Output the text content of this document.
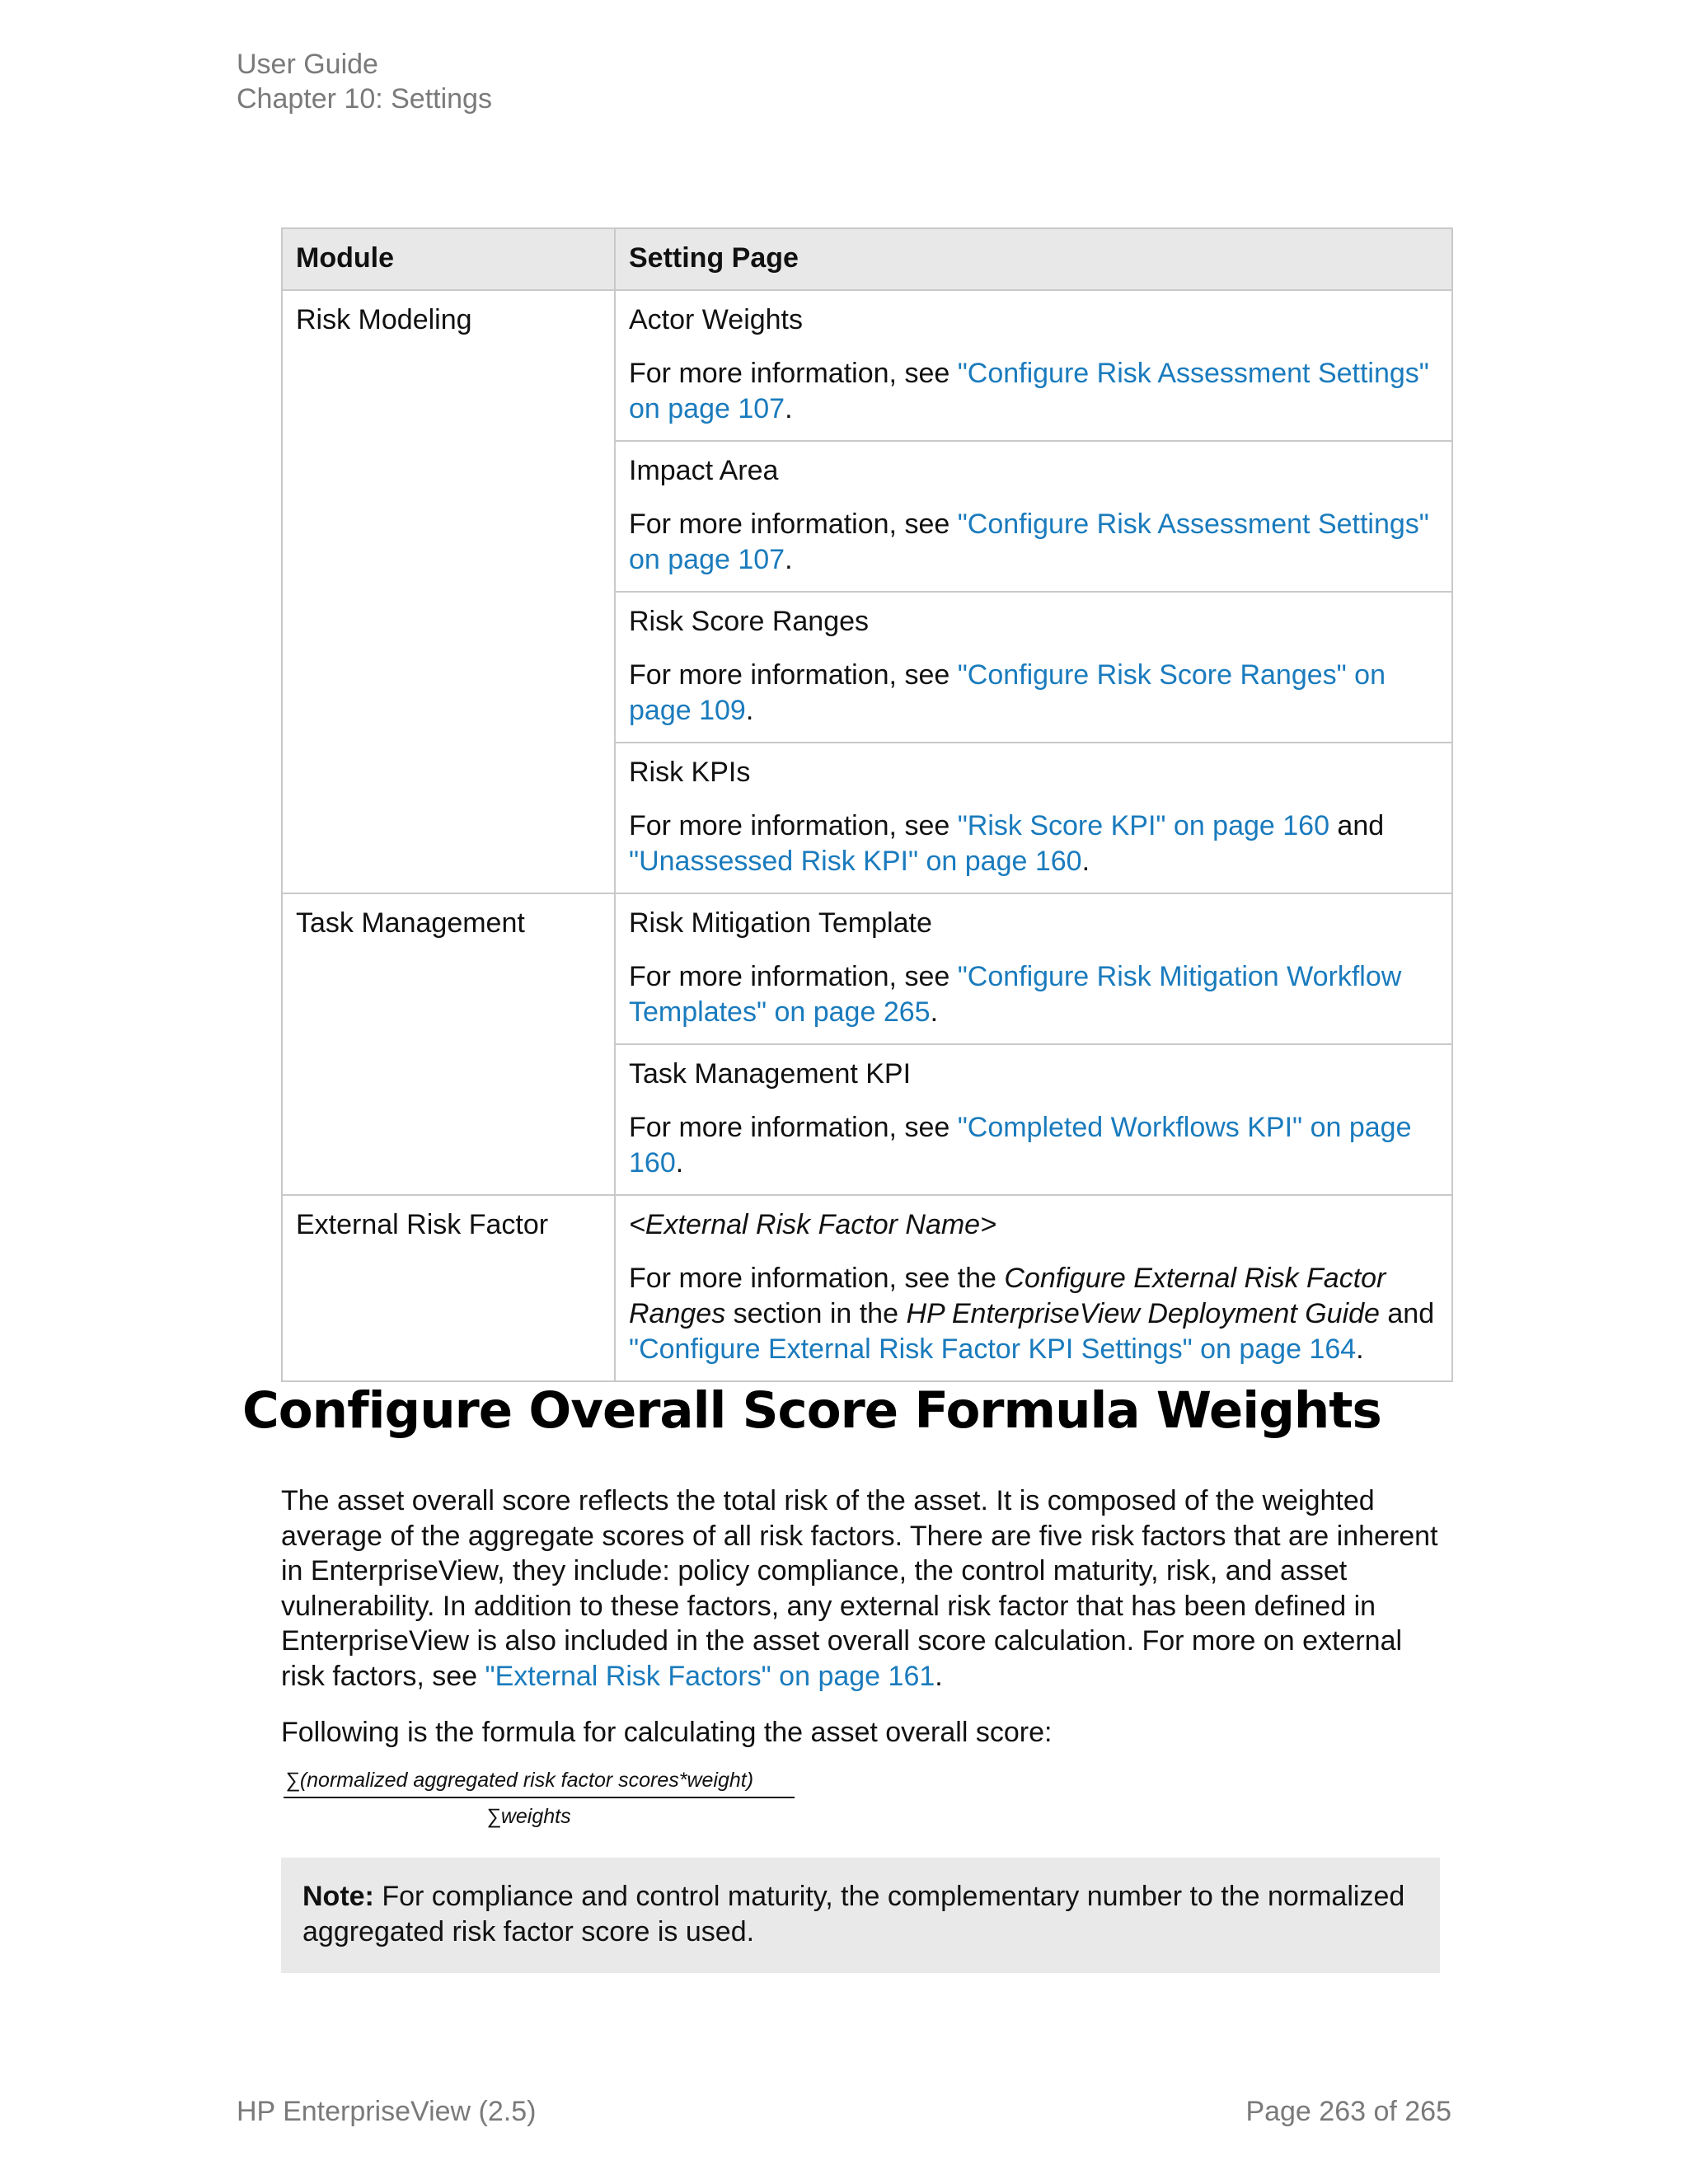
User Guide
Chapter 10: Settings
Module	Setting Page
Risk Modeling	Actor Weights

For more information, see "Configure Risk Assessment Settings" on page 107.

	Impact Area

For more information, see "Configure Risk Assessment Settings" on page 107.

	Risk Score Ranges

For more information, see "Configure Risk Score Ranges" on page 109.

	Risk KPIs

For more information, see "Risk Score KPI" on page 160 and "Unassessed Risk KPI" on page 160.

Task Management	Risk Mitigation Template

For more information, see "Configure Risk Mitigation Workflow Templates" on page 265.

	Task Management KPI

For more information, see "Completed Workflows KPI" on page 160.

External Risk Factor	<External Risk Factor Name>

For more information, see the Configure External Risk Factor Ranges section in the HP EnterpriseView Deployment Guide and "Configure External Risk Factor KPI Settings" on page 164.

Configure Overall Score Formula Weights

The asset overall score reflects the total risk of the asset. It is composed of the weighted average of the aggregate scores of all risk factors. There are five risk factors that are inherent in EnterpriseView, they include: policy compliance, the control maturity, risk, and asset vulnerability. In addition to these factors, any external risk factor that has been defined in EnterpriseView is also included in the asset overall score calculation. For more on external risk factors, see "External Risk Factors" on page 161.

Following is the formula for calculating the asset overall score:

∑(normalized aggregated risk factor scores*weight)
∑weights

Note: For compliance and control maturity, the complementary number to the normalized aggregated risk factor score is used.

HP EnterpriseView (2.5)	Page 263 of 265
